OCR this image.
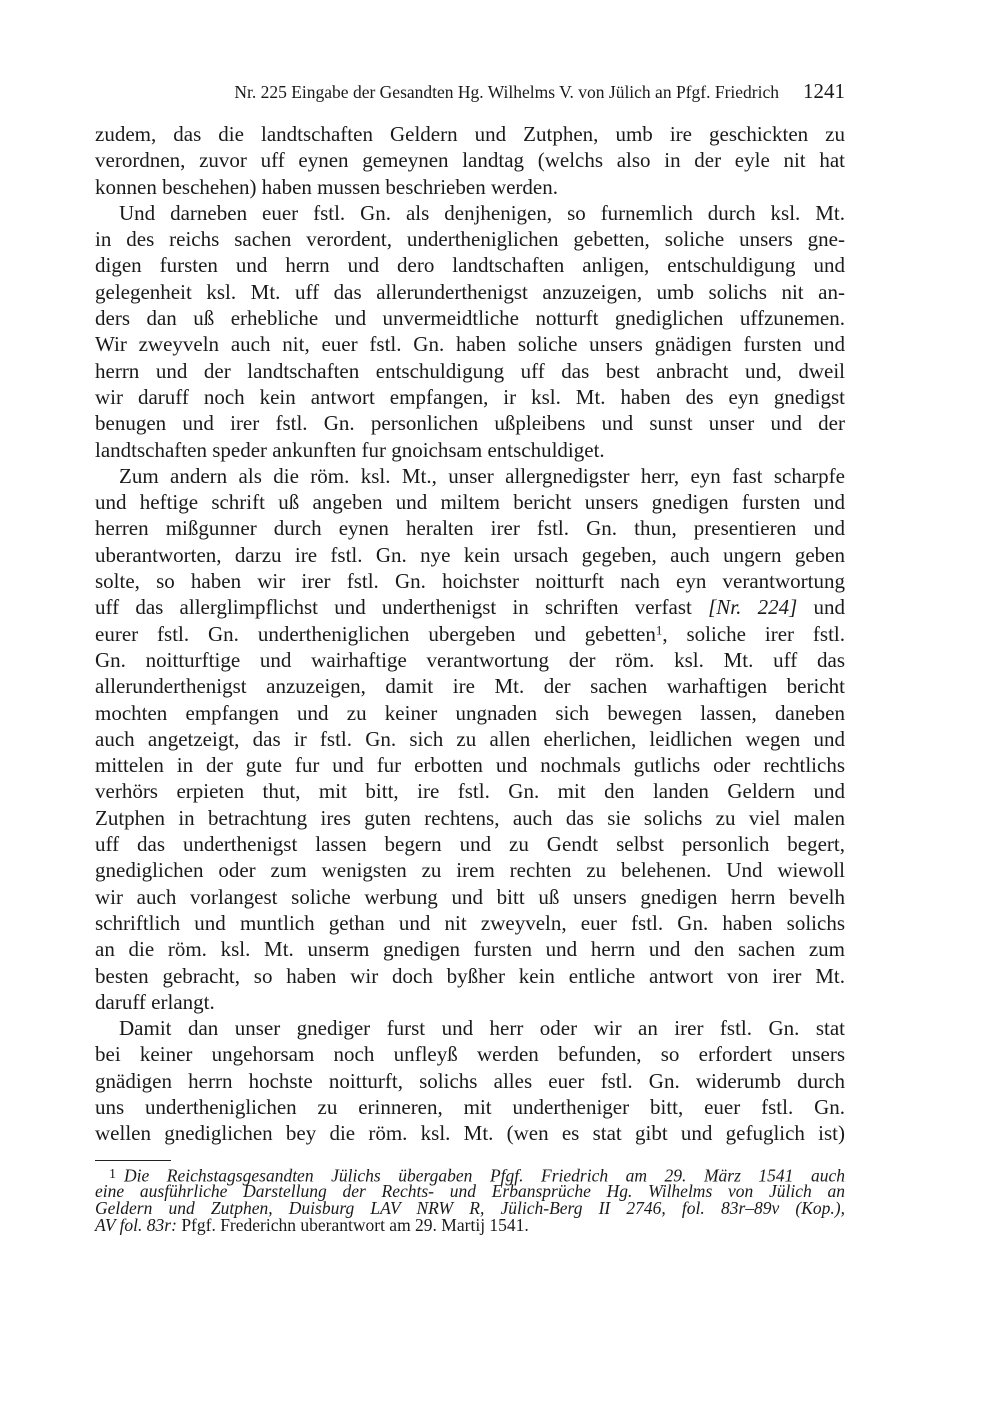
Nr. 225 Eingabe der Gesandten Hg. Wilhelms V. von Jülich an Pfgf. Friedrich 1241
zudem, das die landtschaften Geldern und Zutphen, umb ire geschickten zu
verordnen, zuvor uff eynen gemeynen landtag (welchs also in der eyle nit hat
konnen beschehen) haben mussen beschrieben werden.
Und darneben euer fstl. Gn. als denjhenigen, so furnemlich durch ksl. Mt.
in des reichs sachen verordent, undertheniglichen gebetten, soliche unsers gne-
digen fursten und herrn und dero landtschaften anligen, entschuldigung und
gelegenheit ksl. Mt. uff das allerunderthenigst anzuzeigen, umb solichs nit an-
ders dan uß erhebliche und unvermeidtliche notturft gnediglichen uffzunemen.
Wir zweyveln auch nit, euer fstl. Gn. haben soliche unsers gnädigen fursten und
herrn und der landtschaften entschuldigung uff das best anbracht und, dweil
wir daruff noch kein antwort empfangen, ir ksl. Mt. haben des eyn gnedigst
benugen und irer fstl. Gn. personlichen ußpleibens und sunst unser und der
landtschaften speder ankunften fur gnoichsam entschuldiget.
Zum andern als die röm. ksl. Mt., unser allergnedigster herr, eyn fast scharpfe
und heftige schrift uß angeben und miltem bericht unsers gnedigen fursten und
herren mißgunner durch eynen heralten irer fstl. Gn. thun, presentieren und
uberantworten, darzu ire fstl. Gn. nye kein ursach gegeben, auch ungern geben
solte, so haben wir irer fstl. Gn. hoichster noitturft nach eyn verantwortung
uff das allerglimpflichst und underthenigst in schriften verfast [Nr. 224] und
eurer fstl. Gn. undertheniglichen ubergeben und gebetten$^1$, soliche irer fstl.
Gn. noitturftige und wairhaftige verantwortung der röm. ksl. Mt. uff das
allerunderthenigst anzuzeigen, damit ire Mt. der sachen warhaftigen bericht
mochten empfangen und zu keiner ungnaden sich bewegen lassen, daneben
auch angetzeigt, das ir fstl. Gn. sich zu allen eherlichen, leidlichen wegen und
mittelen in der gute fur und fur erbotten und nochmals gutlichs oder rechtlichs
verhörs erpieten thut, mit bitt, ire fstl. Gn. mit den landen Geldern und
Zutphen in betrachtung ires guten rechtens, auch das sie solichs zu viel malen
uff das underthenigst lassen begern und zu Gendt selbst personlich begert,
gnediglichen oder zum wenigsten zu irem rechten zu belehenen. Und wiewoll
wir auch vorlangest soliche werbung und bitt uß unsers gnedigen herrn bevelh
schriftlich und muntlich gethan und nit zweyveln, euer fstl. Gn. haben solichs
an die röm. ksl. Mt. unserm gnedigen fursten und herrn und den sachen zum
besten gebracht, so haben wir doch byßher kein entliche antwort von irer Mt.
daruff erlangt.
Damit dan unser gnediger furst und herr oder wir an irer fstl. Gn. stat
bei keiner ungehorsam noch unfleyß werden befunden, so erfordert unsers
gnädigen herrn hochste noitturft, solichs alles euer fstl. Gn. widerumb durch
uns undertheniglichen zu erinneren, mit undertheniger bitt, euer fstl. Gn.
wellen gnediglichen bey die röm. ksl. Mt. (wen es stat gibt und gefuglich ist)
$^1$ Die Reichstagsgesandten Jülichs übergaben Pfgf. Friedrich am 29. März 1541 auch
eine ausführliche Darstellung der Rechts- und Erbansprüche Hg. Wilhelms von Jülich an
Geldern und Zutphen, Duisburg LAV NRW R, Jülich-Berg II 2746, fol. 83r–89v (Kop.),
AV fol. 83r: Pfgf. Frederichn uberantwort am 29. Martij 1541.
